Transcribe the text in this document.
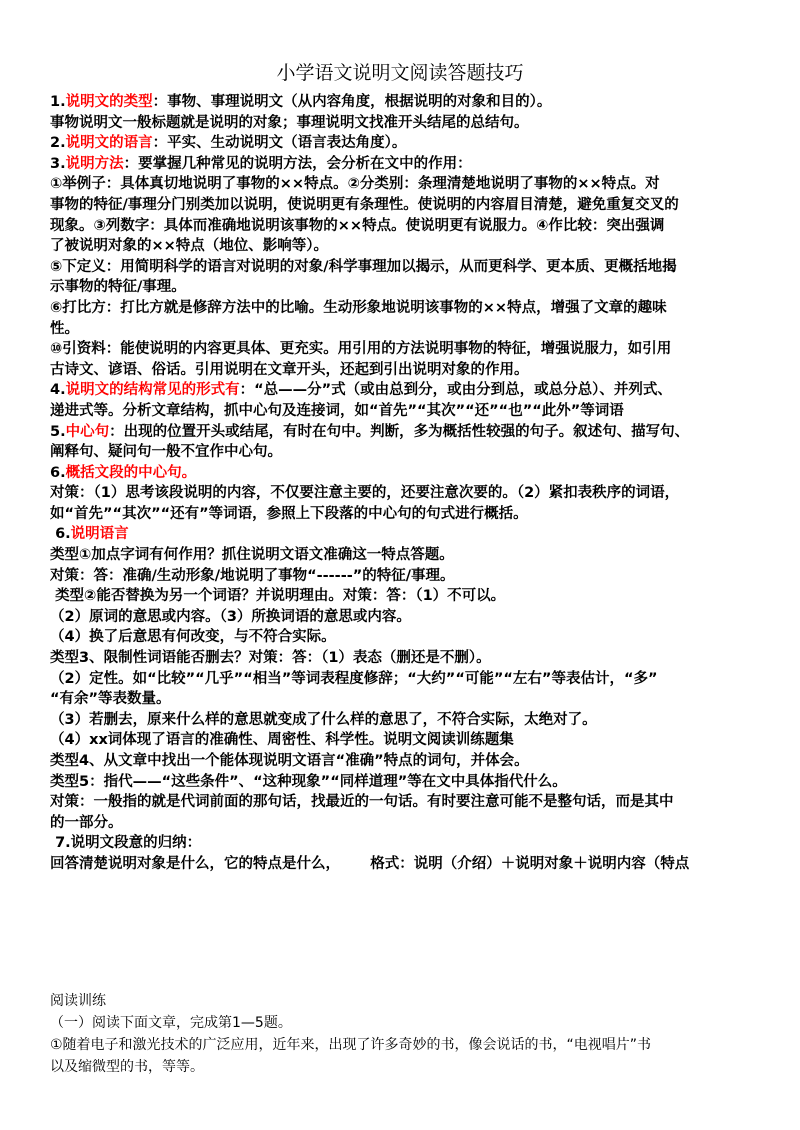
小学语文说明文阅读答题技巧

1.说明文的类型：事物、事理说明文（从内容角度，根据说明的对象和目的）。

事物说明文一般标题就是说明的对象；事理说明文找准开头结尾的总结句。

2.说明文的语言：平实、生动说明文（语言表达角度）。

3.说明方法：要掌握几种常见的说明方法，会分析在文中的作用：

①举例子：具体真切地说明了事物的××特点。②分类别：条理清楚地说明了事物的××特点。对

事物的特征/事理分门别类加以说明，使说明更有条理性。使说明的内容眉目清楚，避免重复交叉的

现象。③列数字：具体而准确地说明该事物的××特点。使说明更有说服力。④作比较：突出强调

了被说明对象的××特点（地位、影响等）。

⑤下定义：用简明科学的语言对说明的对象/科学事理加以揭示，从而更科学、更本质、更概括地揭

示事物的特征/事理。

⑥打比方：打比方就是修辞方法中的比喻。生动形象地说明该事物的××特点，增强了文章的趣味

性。

⑩引资料：能使说明的内容更具体、更充实。用引用的方法说明事物的特征，增强说服力，如引用

古诗文、谚语、俗话。引用说明在文章开头，还起到引出说明对象的作用。

4.说明文的结构常见的形式有：“总——分”式（或由总到分，或由分到总，或总分总）、并列式、

递进式等。分析文章结构，抓中心句及连接词，如“首先”“其次”“还”“也”“此外”等词语

5.中心句：出现的位置开头或结尾，有时在句中。判断，多为概括性较强的句子。叙述句、描写句、

阐释句、疑问句一般不宜作中心句。

6.概括文段的中心句。

对策：（1）思考该段说明的内容，不仅要注意主要的，还要注意次要的。（2）紧扣表秩序的词语，

如“首先”“其次”“还有”等词语，参照上下段落的中心句的句式进行概括。

6.说明语言

类型①加点字词有何作用？抓住说明文语文准确这一特点答题。

对策：答：准确/生动形象/地说明了事物“------”的特征/事理。

类型②能否替换为另一个词语？并说明理由。对策：答：（1）不可以。

（2）原词的意思或内容。（3）所换词语的意思或内容。

（4）换了后意思有何改变，与不符合实际。

类型3、限制性词语能否删去？对策：答：（1）表态（删还是不删）。

（2）定性。如“比较”“几乎”“相当”等词表程度修辞；“大约”“可能”“左右”等表估计，“多”

“有余”等表数量。

（3）若删去，原来什么样的意思就变成了什么样的意思了，不符合实际，太绝对了。

（4）xx词体现了语言的准确性、周密性、科学性。说明文阅读训练题集

类型4、从文章中找出一个能体现说明文语言“准确”特点的词句，并体会。

类型5：指代——“这些条件”、“这种现象”“同样道理”等在文中具体指代什么。

对策：一般指的就是代词前面的那句话，找最近的一句话。有时要注意可能不是整句话，而是其中

的一部分。

7.说明文段意的归纳：

回答清楚说明对象是什么，它的特点是什么，      格式：说明（介绍）＋说明对象＋说明内容（特点

阅读训练

（一）阅读下面文章，完成第1—5题。

①随着电子和激光技术的广泛应用，近年来，出现了许多奇妙的书，像会说话的书，“电视唱片”书

以及缩微型的书，等等。
